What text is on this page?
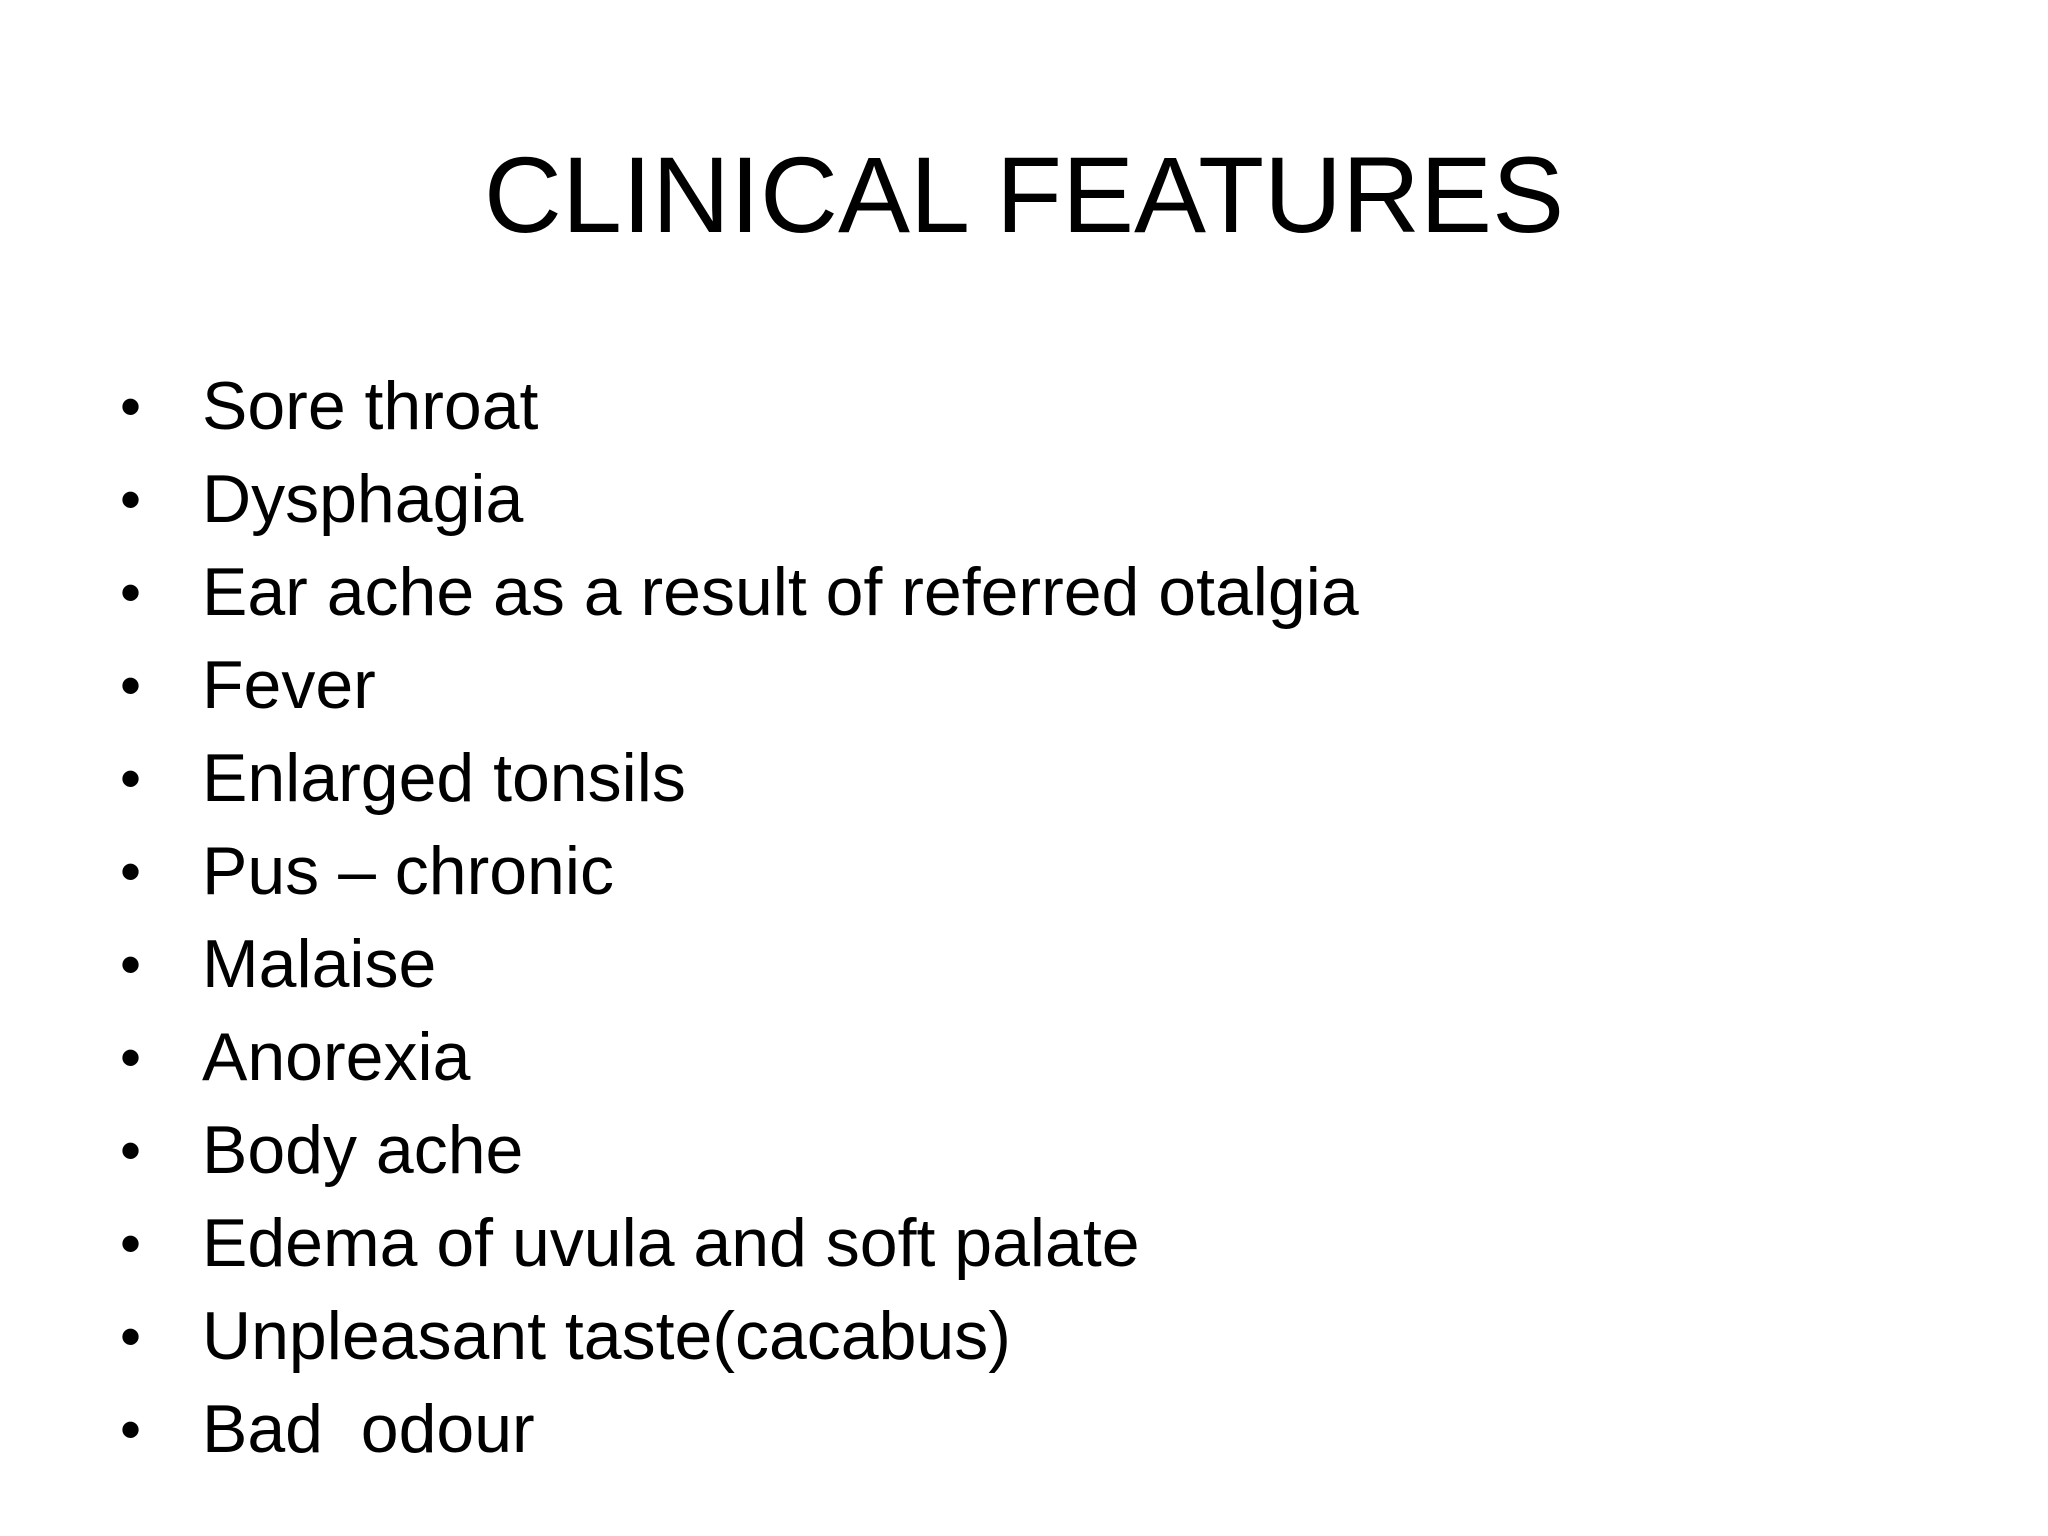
CLINICAL FEATURES
• Sore throat
• Dysphagia
• Ear ache as a result of referred otalgia
• Fever
• Enlarged tonsils
• Pus – chronic
• Malaise
• Anorexia
• Body ache
• Edema of uvula and soft palate
• Unpleasant taste(cacabus)
• Bad  odour
